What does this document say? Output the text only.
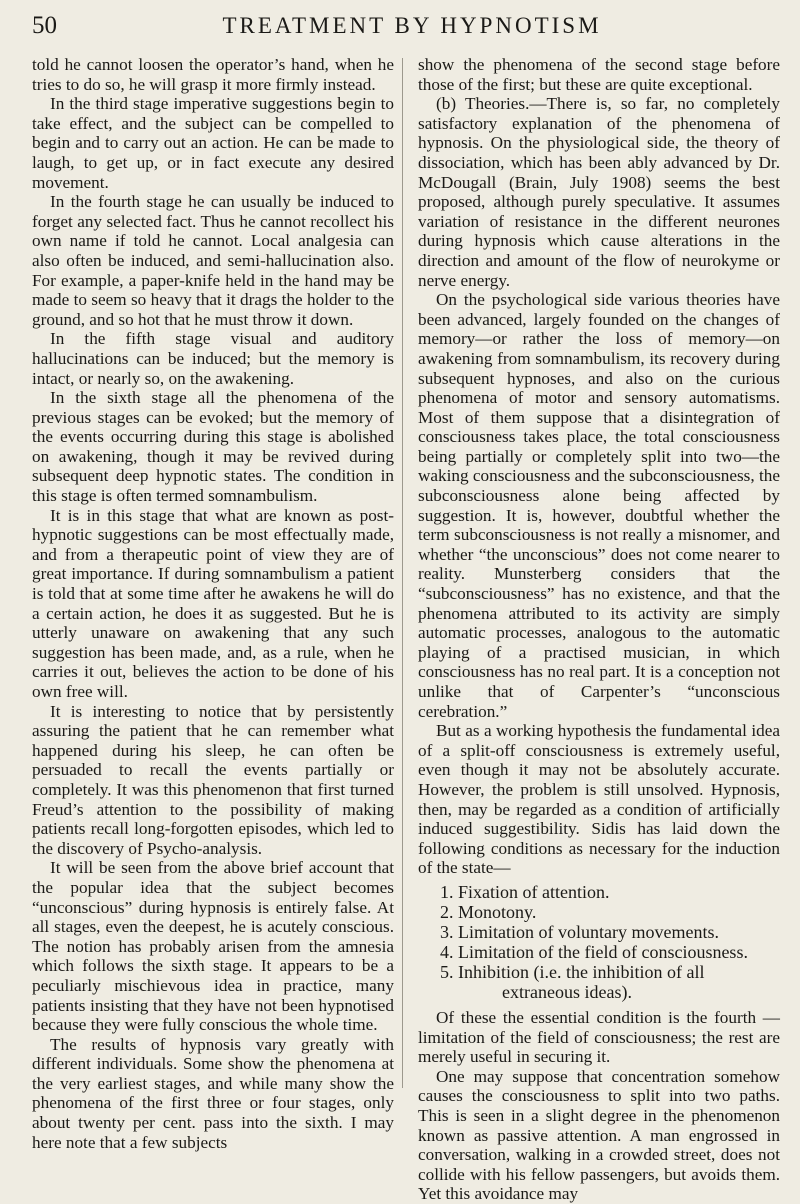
50	TREATMENT BY HYPNOTISM

told he cannot loosen the operator’s hand, when he tries to do so, he will grasp it more firmly instead.

In the third stage imperative suggestions begin to take effect, and the subject can be compelled to begin and to carry out an action. He can be made to laugh, to get up, or in fact execute any desired movement.

In the fourth stage he can usually be induced to forget any selected fact. Thus he cannot recollect his own name if told he cannot. Local analgesia can also often be induced, and semi-hallucination also. For example, a paper-knife held in the hand may be made to seem so heavy that it drags the holder to the ground, and so hot that he must throw it down.

In the fifth stage visual and auditory hallucinations can be induced; but the memory is intact, or nearly so, on the awakening.

In the sixth stage all the phenomena of the previous stages can be evoked; but the memory of the events occurring during this stage is abolished on awakening, though it may be revived during subsequent deep hypnotic states. The condition in this stage is often termed somnambulism.

It is in this stage that what are known as post-hypnotic suggestions can be most effectually made, and from a therapeutic point of view they are of great importance. If during somnambulism a patient is told that at some time after he awakens he will do a certain action, he does it as suggested. But he is utterly unaware on awakening that any such suggestion has been made, and, as a rule, when he carries it out, believes the action to be done of his own free will.

It is interesting to notice that by persistently assuring the patient that he can remember what happened during his sleep, he can often be persuaded to recall the events partially or completely. It was this phenomenon that first turned Freud’s attention to the possibility of making patients recall long-forgotten episodes, which led to the discovery of Psycho-analysis.

It will be seen from the above brief account that the popular idea that the subject becomes “unconscious” during hypnosis is entirely false. At all stages, even the deepest, he is acutely conscious. The notion has probably arisen from the amnesia which follows the sixth stage. It appears to be a peculiarly mischievous idea in practice, many patients insisting that they have not been hypnotised because they were fully conscious the whole time.

The results of hypnosis vary greatly with different individuals. Some show the phenomena at the very earliest stages, and while many show the phenomena of the first three or four stages, only about twenty per cent. pass into the sixth. I may here note that a few subjects

show the phenomena of the second stage before those of the first; but these are quite exceptional.

(b) Theories.—There is, so far, no completely satisfactory explanation of the phenomena of hypnosis. On the physiological side, the theory of dissociation, which has been ably advanced by Dr. McDougall (Brain, July 1908) seems the best proposed, although purely speculative. It assumes variation of resistance in the different neurones during hypnosis which cause alterations in the direction and amount of the flow of neurokyme or nerve energy.

On the psychological side various theories have been advanced, largely founded on the changes of memory—or rather the loss of memory—on awakening from somnambulism, its recovery during subsequent hypnoses, and also on the curious phenomena of motor and sensory automatisms. Most of them suppose that a disintegration of consciousness takes place, the total consciousness being partially or completely split into two—the waking consciousness and the subconsciousness, the subconsciousness alone being affected by suggestion. It is, however, doubtful whether the term subconsciousness is not really a misnomer, and whether “the unconscious” does not come nearer to reality. Munsterberg considers that the “subconsciousness” has no existence, and that the phenomena attributed to its activity are simply automatic processes, analogous to the automatic playing of a practised musician, in which consciousness has no real part. It is a conception not unlike that of Carpenter’s “unconscious cerebration.”

But as a working hypothesis the fundamental idea of a split-off consciousness is extremely useful, even though it may not be absolutely accurate. However, the problem is still unsolved. Hypnosis, then, may be regarded as a condition of artificially induced suggestibility. Sidis has laid down the following conditions as necessary for the induction of the state—

1. Fixation of attention.
2. Monotony.
3. Limitation of voluntary movements.
4. Limitation of the field of consciousness.
5. Inhibition (i.e. the inhibition of all
extraneous ideas).

Of these the essential condition is the fourth —limitation of the field of consciousness; the rest are merely useful in securing it.

One may suppose that concentration somehow causes the consciousness to split into two paths. This is seen in a slight degree in the phenomenon known as passive attention. A man engrossed in conversation, walking in a crowded street, does not collide with his fellow passengers, but avoids them. Yet this avoidance may
